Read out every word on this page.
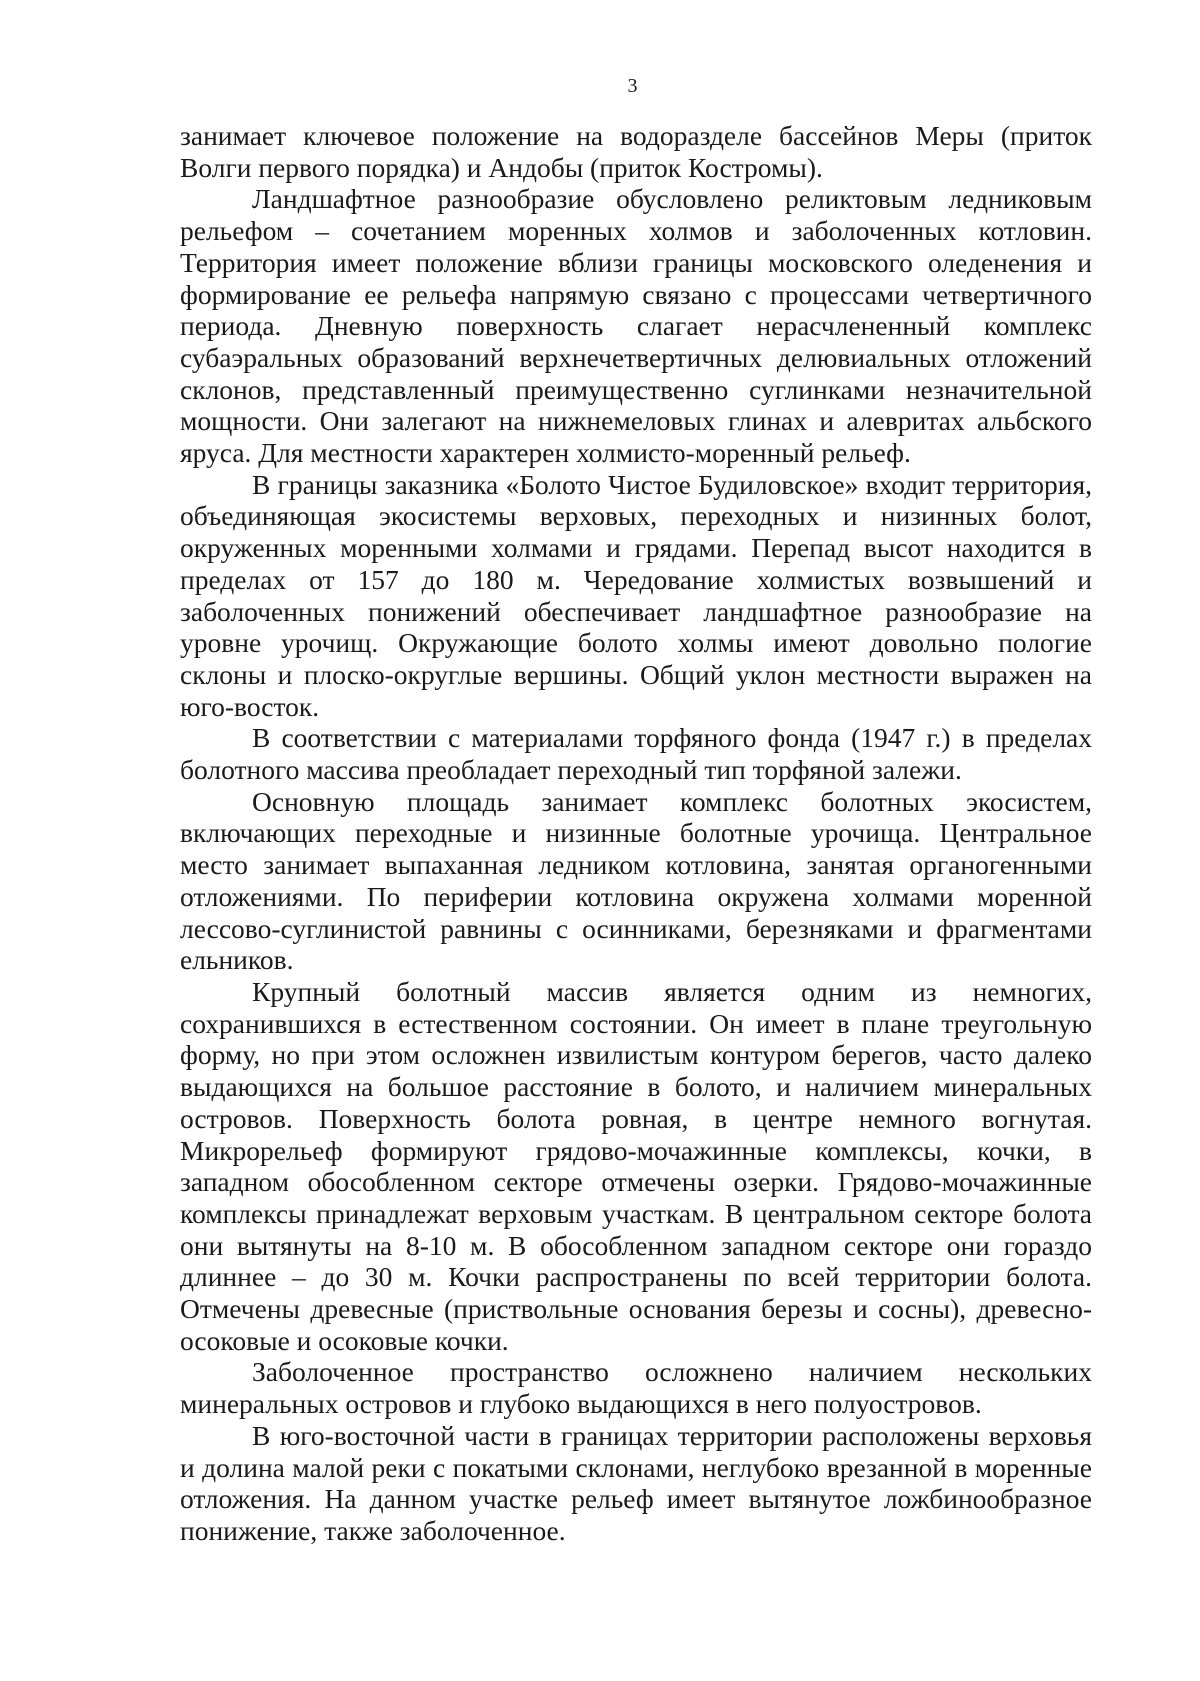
3

занимает ключевое положение на водоразделе бассейнов Меры (приток Волги первого порядка) и Андобы (приток Костромы).

Ландшафтное разнообразие обусловлено реликтовым ледниковым рельефом – сочетанием моренных холмов и заболоченных котловин. Территория имеет положение вблизи границы московского оледенения и формирование ее рельефа напрямую связано с процессами четвертичного периода. Дневную поверхность слагает нерасчлененный комплекс субаэральных образований верхнечетвертичных делювиальных отложений склонов, представленный преимущественно суглинками незначительной мощности. Они залегают на нижнемеловых глинах и алевритах альбского яруса. Для местности характерен холмисто-моренный рельеф.

В границы заказника «Болото Чистое Будиловское» входит территория, объединяющая экосистемы верховых, переходных и низинных болот, окруженных моренными холмами и грядами. Перепад высот находится в пределах от 157 до 180 м. Чередование холмистых возвышений и заболоченных понижений обеспечивает ландшафтное разнообразие на уровне урочищ. Окружающие болото холмы имеют довольно пологие склоны и плоско-округлые вершины. Общий уклон местности выражен на юго-восток.

В соответствии с материалами торфяного фонда (1947 г.) в пределах болотного массива преобладает переходный тип торфяной залежи.

Основную площадь занимает комплекс болотных экосистем, включающих переходные и низинные болотные урочища. Центральное место занимает выпаханная ледником котловина, занятая органогенными отложениями. По периферии котловина окружена холмами моренной лессово-суглинистой равнины с осинниками, березняками и фрагментами ельников.

Крупный болотный массив является одним из немногих, сохранившихся в естественном состоянии. Он имеет в плане треугольную форму, но при этом осложнен извилистым контуром берегов, часто далеко выдающихся на большое расстояние в болото, и наличием минеральных островов. Поверхность болота ровная, в центре немного вогнутая. Микрорельеф формируют грядово-мочажинные комплексы, кочки, в западном обособленном секторе отмечены озерки. Грядово-мочажинные комплексы принадлежат верховым участкам. В центральном секторе болота они вытянуты на 8-10 м. В обособленном западном секторе они гораздо длиннее – до 30 м. Кочки распространены по всей территории болота. Отмечены древесные (приствольные основания березы и сосны), древесно-осоковые и осоковые кочки.

Заболоченное пространство осложнено наличием нескольких минеральных островов и глубоко выдающихся в него полуостровов.

В юго-восточной части в границах территории расположены верховья и долина малой реки с покатыми склонами, неглубоко врезанной в моренные отложения. На данном участке рельеф имеет вытянутое ложбинообразное понижение, также заболоченное.
